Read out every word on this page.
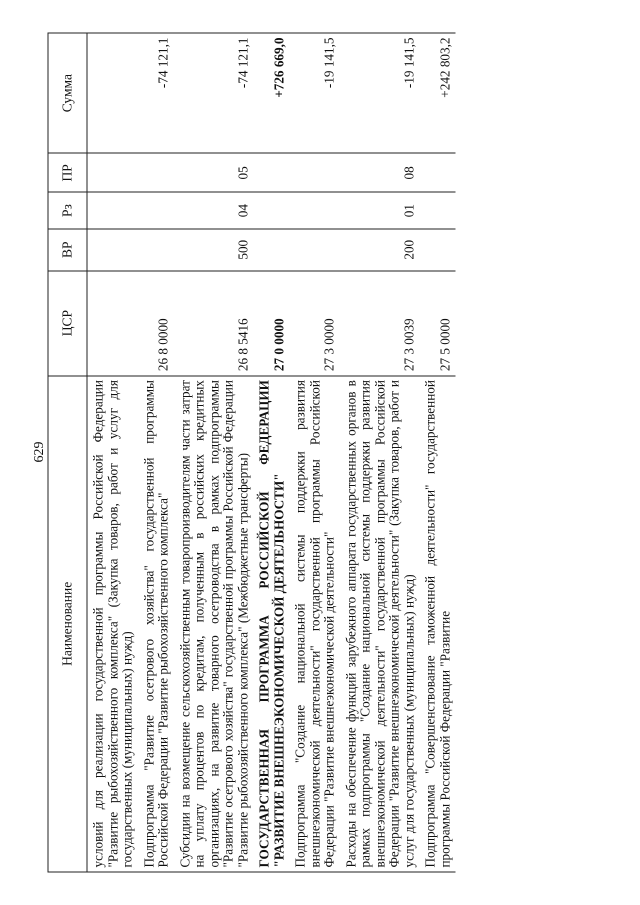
629
Наименование	ЦСР	ВР	Рз	ПР	Сумма
условий для реализации государственной программы Российской Федерации "Развитие рыбохозяйственного комплекса" (Закупка товаров, работ и услуг для государственных (муниципальных) нужд)					
Подпрограмма "Развитие осетрового хозяйства" государственной программы Российской Федерации "Развитие рыбохозяйственного комплекса"	26 8 0000				-74 121,1
Субсидии на возмещение сельскохозяйственным товаропроизводителям части затрат на уплату процентов по кредитам, полученным в российских кредитных организациях, на развитие товарного осетроводства в рамках подпрограммы "Развитие осетрового хозяйства" государственной программы Российской Федерации "Развитие рыбохозяйственного комплекса" (Межбюджетные трансферты)	26 8 5416	500	04	05	-74 121,1
ГОСУДАРСТВЕННАЯ ПРОГРАММА РОССИЙСКОЙ ФЕДЕРАЦИИ "РАЗВИТИЕ ВНЕШНЕЭКОНОМИЧЕСКОЙ ДЕЯТЕЛЬНОСТИ"	27 0 0000				+726 669,0
Подпрограмма "Создание национальной системы поддержки развития внешнеэкономической деятельности" государственной программы Российской Федерации "Развитие внешнеэкономической деятельности"	27 3 0000				-19 141,5
Расходы на обеспечение функций зарубежного аппарата государственных органов в рамках подпрограммы "Создание национальной системы поддержки развития внешнеэкономической деятельности" государственной программы Российской Федерации "Развитие внешнеэкономической деятельности" (Закупка товаров, работ и услуг для государственных (муниципальных) нужд)	27 3 0039	200	01	08	-19 141,5
Подпрограмма "Совершенствование таможенной деятельности" государственной программы Российской Федерации "Развитие	27 5 0000				+242 803,2
